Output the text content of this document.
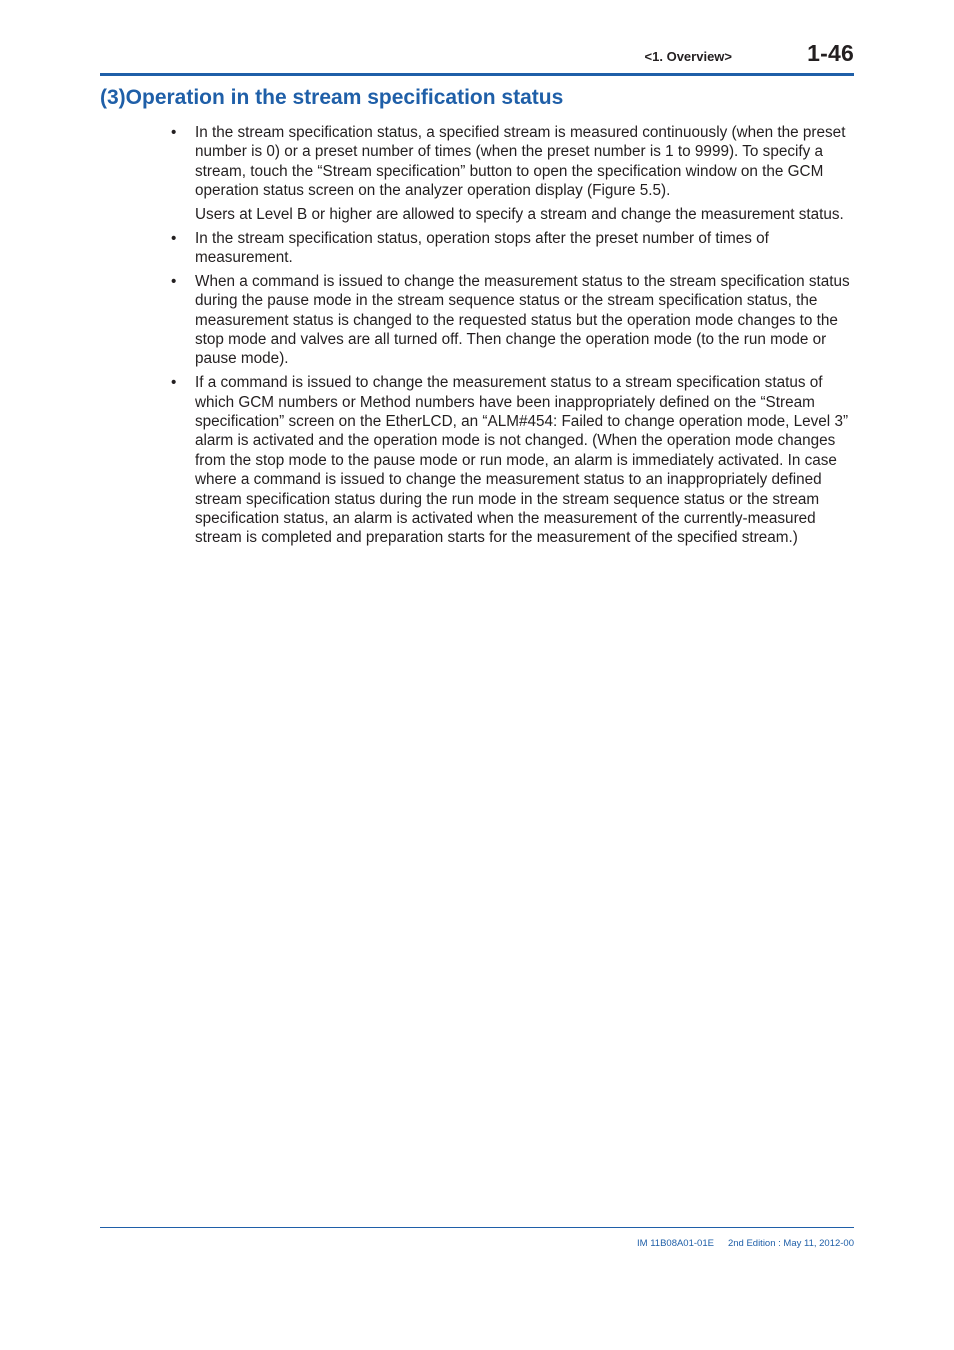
<1. Overview>	1-46
(3)Operation in the stream specification status
• In the stream specification status, a specified stream is measured continuously (when the preset number is 0) or a preset number of times (when the preset number is 1 to 9999). To specify a stream, touch the “Stream specification” button to open the specification window on the GCM operation status screen on the analyzer operation display (Figure 5.5).

Users at Level B or higher are allowed to specify a stream and change the measurement status.

• In the stream specification status, operation stops after the preset number of times of measurement.

• When a command is issued to change the measurement status to the stream specification status during the pause mode in the stream sequence status or the stream specification status, the measurement status is changed to the requested status but the operation mode changes to the stop mode and valves are all turned off. Then change the operation mode (to the run mode or pause mode).

• If a command is issued to change the measurement status to a stream specification status of which GCM numbers or Method numbers have been inappropriately defined on the “Stream specification” screen on the EtherLCD, an “ALM#454: Failed to change operation mode, Level 3” alarm is activated and the operation mode is not changed. (When the operation mode changes from the stop mode to the pause mode or run mode, an alarm is immediately activated. In case where a command is issued to change the measurement status to an inappropriately defined stream specification status during the run mode in the stream sequence status or the stream specification status, an alarm is activated when the measurement of the currently-measured stream is completed and preparation starts for the measurement of the specified stream.)

IM 11B08A01-01E 2nd Edition : May 11, 2012-00
